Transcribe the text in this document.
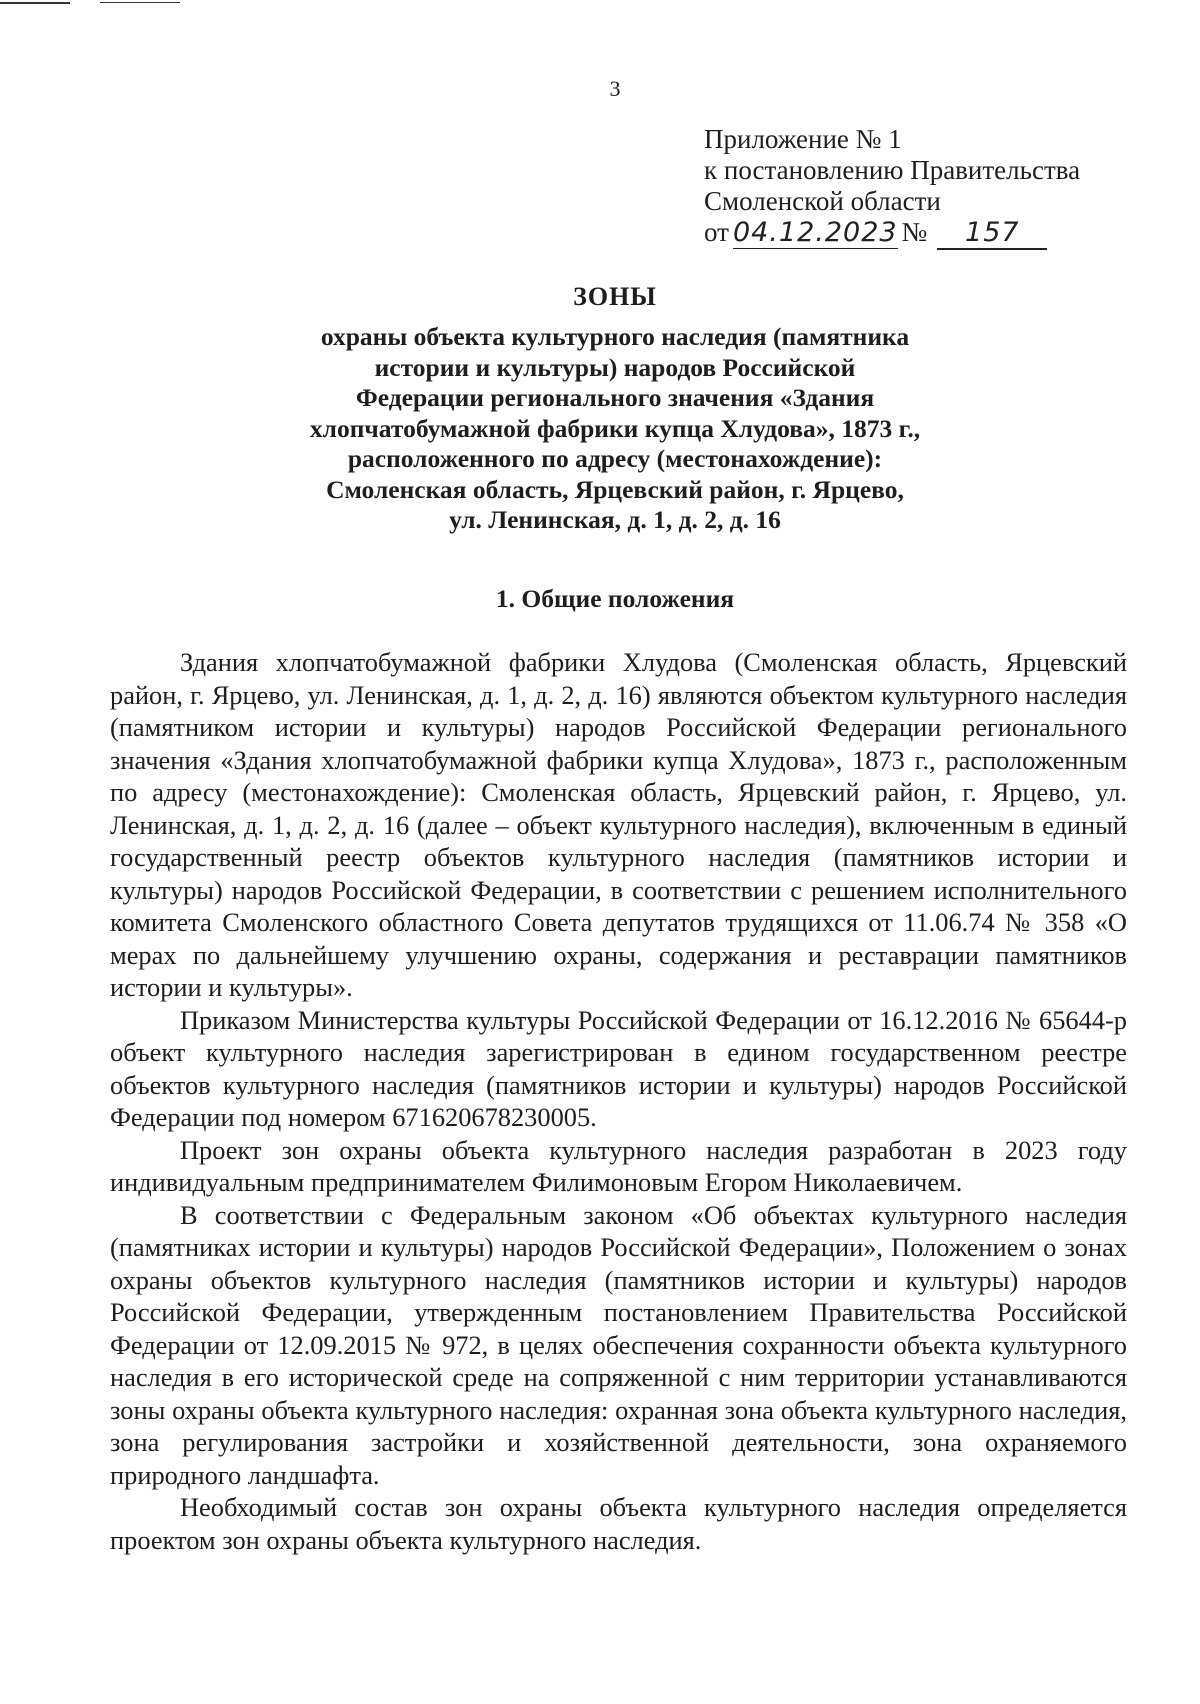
3
Приложение № 1
к постановлению Правительства
Смоленской области
от 04.12.2023 № 157
ЗОНЫ
охраны объекта культурного наследия (памятника
истории и культуры) народов Российской
Федерации регионального значения «Здания
хлопчатобумажной фабрики купца Хлудова», 1873 г.,
расположенного по адресу (местонахождение):
Смоленская область, Ярцевский район, г. Ярцево,
ул. Ленинская, д. 1, д. 2, д. 16
1. Общие положения

Здания хлопчатобумажной фабрики Хлудова (Смоленская область, Ярцевский район, г. Ярцево, ул. Ленинская, д. 1, д. 2, д. 16) являются объектом культурного наследия (памятником истории и культуры) народов Российской Федерации регионального значения «Здания хлопчатобумажной фабрики купца Хлудова», 1873 г., расположенным по адресу (местонахождение): Смоленская область, Ярцевский район, г. Ярцево, ул. Ленинская, д. 1, д. 2, д. 16 (далее – объект культурного наследия), включенным в единый государственный реестр объектов культурного наследия (памятников истории и культуры) народов Российской Федерации, в соответствии с решением исполнительного комитета Смоленского областного Совета депутатов трудящихся от 11.06.74 № 358 «О мерах по дальнейшему улучшению охраны, содержания и реставрации памятников истории и культуры».

Приказом Министерства культуры Российской Федерации от 16.12.2016 № 65644-р объект культурного наследия зарегистрирован в едином государственном реестре объектов культурного наследия (памятников истории и культуры) народов Российской Федерации под номером 671620678230005.

Проект зон охраны объекта культурного наследия разработан в 2023 году индивидуальным предпринимателем Филимоновым Егором Николаевичем.

В соответствии с Федеральным законом «Об объектах культурного наследия (памятниках истории и культуры) народов Российской Федерации», Положением о зонах охраны объектов культурного наследия (памятников истории и культуры) народов Российской Федерации, утвержденным постановлением Правительства Российской Федерации от 12.09.2015 № 972, в целях обеспечения сохранности объекта культурного наследия в его исторической среде на сопряженной с ним территории устанавливаются зоны охраны объекта культурного наследия: охранная зона объекта культурного наследия, зона регулирования застройки и хозяйственной деятельности, зона охраняемого природного ландшафта.

Необходимый состав зон охраны объекта культурного наследия определяется проектом зон охраны объекта культурного наследия.
